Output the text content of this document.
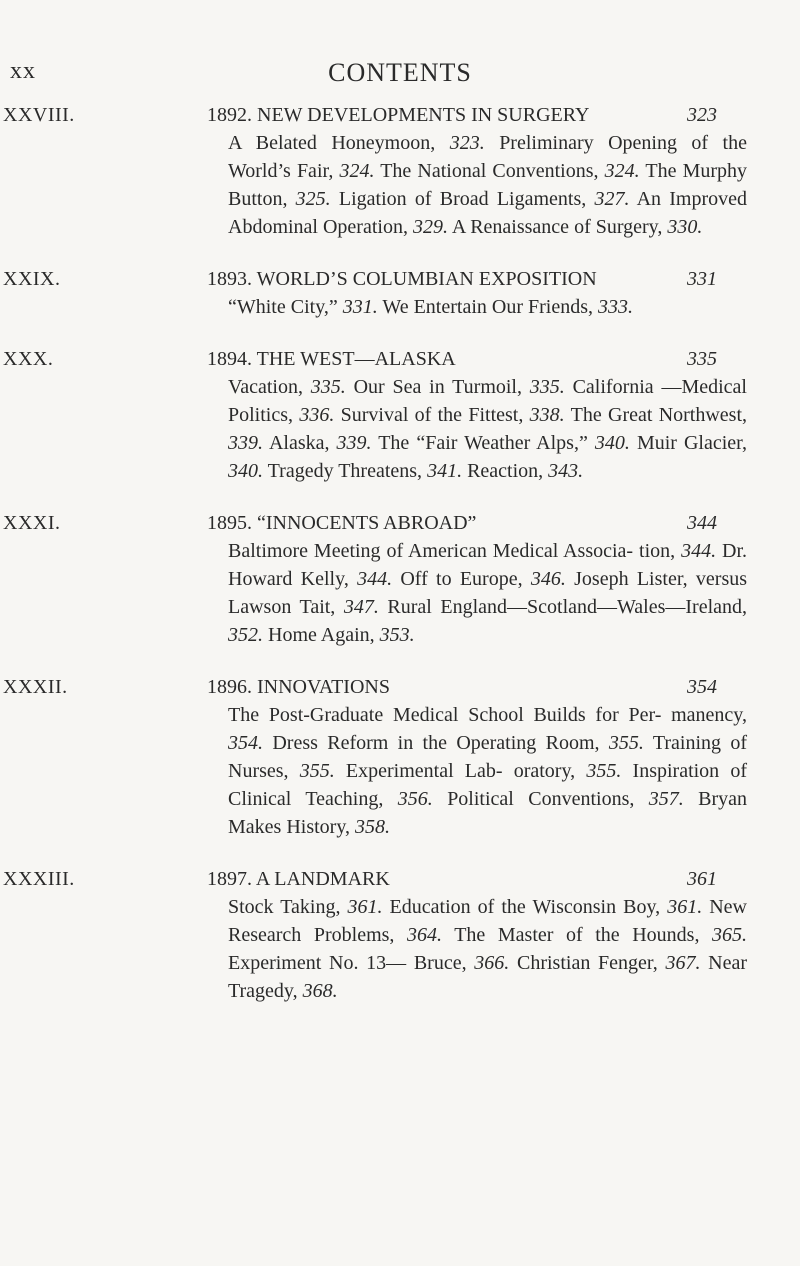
xx	CONTENTS
XXVIII.	1892. NEW DEVELOPMENTS IN SURGERY	323
A Belated Honeymoon, 323. Preliminary Opening of the World’s Fair, 324. The National Conventions, 324. The Murphy Button, 325. Ligation of Broad Ligaments, 327. An Improved Abdominal Operation, 329. A Renaissance of Surgery, 330.
XXIX.	1893. WORLD’S COLUMBIAN EXPOSITION	331
“White City,” 331. We Entertain Our Friends, 333.
XXX.	1894. THE WEST—ALASKA	335
Vacation, 335. Our Sea in Turmoil, 335. California —Medical Politics, 336. Survival of the Fittest, 338. The Great Northwest, 339. Alaska, 339. The “Fair Weather Alps,” 340. Muir Glacier, 340. Tragedy Threatens, 341. Reaction, 343.
XXXI.	1895. “INNOCENTS ABROAD”	344
Baltimore Meeting of American Medical Associa- tion, 344. Dr. Howard Kelly, 344. Off to Europe, 346. Joseph Lister, versus Lawson Tait, 347. Rural England—Scotland—Wales—Ireland, 352. Home Again, 353.
XXXII.	1896. INNOVATIONS	354
The Post-Graduate Medical School Builds for Per- manency, 354. Dress Reform in the Operating Room, 355. Training of Nurses, 355. Experimental Lab- oratory, 355. Inspiration of Clinical Teaching, 356. Political Conventions, 357. Bryan Makes History, 358.
XXXIII.	1897. A LANDMARK	361
Stock Taking, 361. Education of the Wisconsin Boy, 361. New Research Problems, 364. The Master of the Hounds, 365. Experiment No. 13— Bruce, 366. Christian Fenger, 367. Near Tragedy, 368.
